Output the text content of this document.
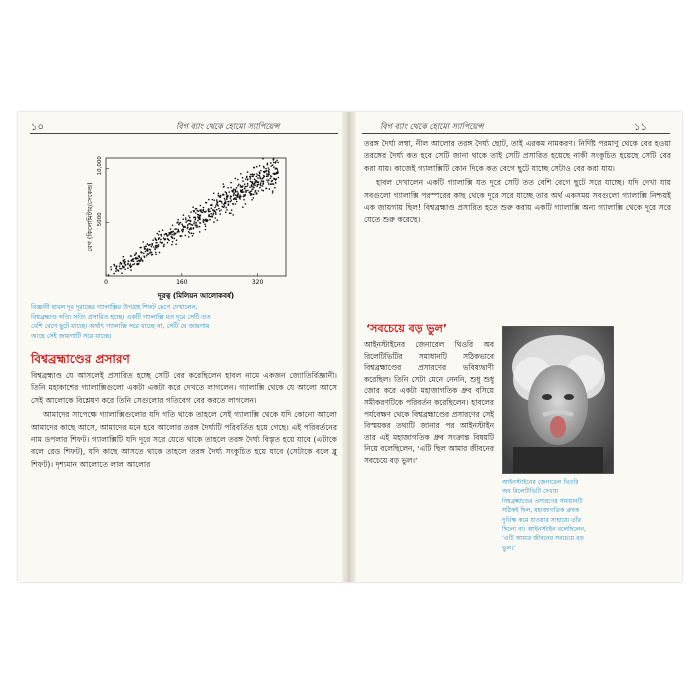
১০	বিগ ব্যাং থেকে হোমো স্যাপিয়েন্স
0	160	320
5000
10,000
দূরত্ব (মিলিয়ন আলোকবর্ষ)
বেগ (কিলোমিটার/সেকেন্ড)
বিজ্ঞানী হাবল দূর দূরান্তের গ্যালাক্সির উপগ্রহ শিফট মেপে দেখালেন,
বিশ্বব্রহ্মাণ্ড সত্যি সত্যি প্রসারিত হচ্ছে। একটি গ্যালাক্সি যত দূরে সেটি তত
বেশি বেগে ছুটে যাচ্ছে। অর্থাৎ গ্যালাক্সি সরে যাচ্ছে না, সেটি যে জায়গায়
আছে সেই জায়গাটি সরে যাচ্ছে।
বিশ্বব্রহ্মাণ্ডের প্রসারণ

বিশ্বব্রহ্মাণ্ড যে আসলেই প্রসারিত হচ্ছে সেটি বের করেছিলেন হাবল নামে একজন জ্যোতির্বিজ্ঞানী। তিনি মহাকাশের গ্যালাক্সিগুলো একটা একটা করে দেখতে লাগলেন। গ্যালাক্সি থেকে যে আলো আসে সেই আলোকে বিশ্লেষণ করে তিনি সেগুলোর গতিবেগ বের করতে লাগলেন।

আমাদের সাপেক্ষে গ্যালাক্সিগুলোর যদি গতি থাকে তাহলে সেই গ্যালাক্সি থেকে যদি কোনো আলো আমাদের কাছে আসে, আমাদের মনে হবে আলোর তরঙ্গ দৈর্ঘ্যটি পরিবর্তিত হয়ে গেছে। এই পরিবর্তনের নাম ডপলার শিফট। গ্যালাক্সিটি যদি দূরে সরে যেতে থাকে তাহলে তরঙ্গ দৈর্ঘ্য বিস্তৃত হয়ে যাবে (এটাকে বলে রেড শিফট), যদি কাছে আসতে থাকে তাহলে তরঙ্গ দৈর্ঘ্য সংকুচিত হয়ে যাবে (সেটাকে বলে ব্লু শিফট)। দৃশ্যমান আলোতে লাল আলোর

বিগ ব্যাং থেকে হোমো স্যাপিয়েন্স	১১

তরঙ্গ দৈর্ঘ্য লম্বা, নীল আলোর তরঙ্গ দৈর্ঘ্য ছোট, তাই এরকম নামকরণ। নির্দিষ্ট পরমাণু থেকে বের হওয়া তরঙ্গের দৈর্ঘ্য কত হবে সেটি জানা থাকে তাই সেটি প্রসারিত হয়েছে নাকী সংকুচিত হয়েছে সেটি বের করা যায়। কাজেই গ্যালাক্সিটি কোন দিকে কত বেগে ছুটে যাচ্ছে সেটাও বের করা যায়।

হাবল দেখালেন একটি গ্যালাক্সি যত দূরে সেটি তত বেশি বেগে ছুটে সরে যাচ্ছে। যদি দেখা যায় সবগুলো গ্যালাক্সি পরস্পরের কাছ থেকে দূরে সরে যাচ্ছে তার অর্থ একসময় সবগুলো গ্যালাক্সি নিশ্চয়ই এক জায়গায় ছিল! বিশ্বব্রহ্মাণ্ড প্রসারিত হতে শুরু করায় একটি গ্যালাক্সি অন্য গ্যালাক্সি থেকে দূরে সরে যেতে শুরু করেছে।

‘সবচেয়ে বড় ভুল’

আইনস্টাইনের জেনারেল থিওরি অব রিলেটিভিটির সমাধানটি সঠিকভাবে বিশ্বব্রহ্মাণ্ডের প্রসারণের ভবিষ্যদ্বাণী করেছিল। তিনি সেটা মেনে নেননি, শুধু শুধু জোর করে একটা মহাজাগতিক ধ্রুব বসিয়ে সমীকরণটিকে পরিবর্তন করেছিলেন। হাবলের পর্যবেক্ষণ থেকে বিশ্বব্রহ্মাণ্ডের প্রসারণের সেই বিস্ময়কর তথ্যটি জানার পর আইনস্টাইন তার এই মহাজাগতিক ধ্রুব সংক্রান্ত বিষয়টি নিয়ে বলেছিলেন, ‘এটি ছিল আমার জীবনের সবচেয়ে বড় ভুল।’

আইনস্টাইনের জেনারেল থিওরি
অব রিলেটিভিটি দেখায়
বিশ্বব্রহ্মাণ্ডের প্রসারণের সমাধানটি
সঠিকই ছিল, মহাজাগতিক ধ্রুবক
দুর্ভিক্ষ কমে যাওয়ার সাহায্যে তাঁর
ছিলো না। আইনস্টাইন বলেছিলেন,
‘এটি আমার জীবনের সবচেয়ে বড়
ভুল।’
